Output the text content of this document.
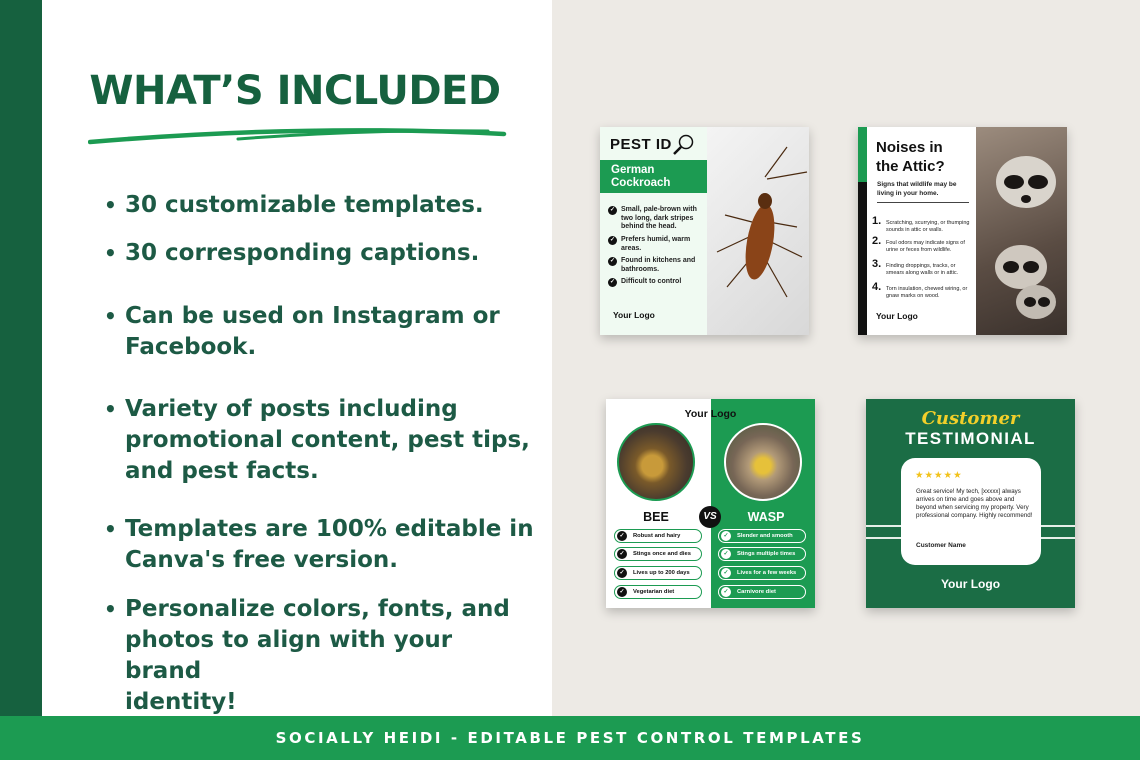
WHAT’S INCLUDED
• 30 customizable templates.
• 30 corresponding captions.
• Can be used on Instagram or
Facebook.
• Variety of posts including
promotional content, pest tips,
and pest facts.
• Templates are 100% editable in
Canva's free version.
• Personalize colors, fonts, and
photos to align with your brand
identity!
SOCIALLY HEIDI - EDITABLE PEST CONTROL TEMPLATES
PEST ID
German
Cockroach
✓ Small, pale-brown with two long, dark stripes behind the head.
✓ Prefers humid, warm areas.
✓ Found in kitchens and bathrooms.
✓ Difficult to control
Your Logo
Noises in
the Attic?
Signs that wildlife may be living in your home.
1. Scratching, scurrying, or thumping sounds in attic or walls.
2. Foul odors may indicate signs of urine or feces from wildlife.
3. Finding droppings, tracks, or smears along walls or in attic.
4. Torn insulation, chewed wiring, or gnaw marks on wood.
Your Logo
Your Logo
BEE	WASP
VS
✓	Robust and hairy
✓	Stings once and dies
✓	Lives up to 200 days
✓	Vegetarian diet
✓	Slender and smooth
✓	Stings multiple times
✓	Lives for a few weeks
✓	Carnivore diet
Customer
TESTIMONIAL
★★★★★
Great service! My tech, [xxxxx] always arrives on time and goes above and beyond when servicing my property. Very professional company. Highly recommend!
Customer Name
Your Logo
